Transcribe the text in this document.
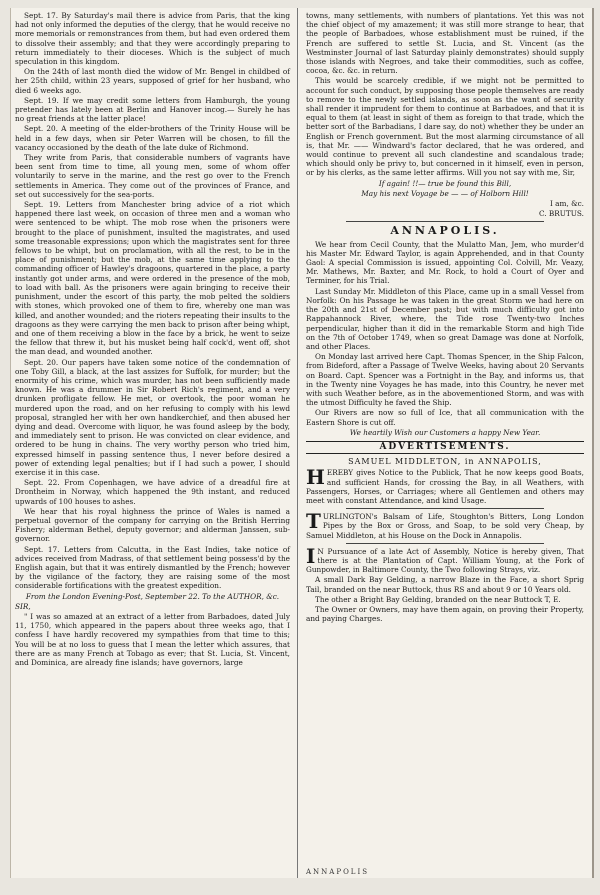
Sept. 17. By Saturday's mail there is advice from Paris, that the king had not only informed the deputies of the clergy, that he would receive no more memorials or remonstrances from them, but had even ordered them to dissolve their assembly; and that they were accordingly preparing to return immediately to their dioceses. Which is the subject of much speculation in this kingdom.

On the 24th of last month died the widow of Mr. Bengel in childbed of her 25th child, within 23 years, supposed of grief for her husband, who died 6 weeks ago.

Sept. 19. If we may credit some letters from Hamburgh, the young pretender has lately been at Berlin and Hanover incog.— Surely he has no great friends at the latter place!

Sept. 20. A meeting of the elder-brothers of the Trinity House will be held in a few days, when sir Peter Warren will be chosen, to fill the vacancy occasioned by the death of the late duke of Richmond.

They write from Paris, that considerable numbers of vagrants have been sent from time to time, all young men, some of whom offer voluntarily to serve in the marine, and the rest go over to the French settlements in America. They come out of the provinces of France, and set out successively for the sea-ports.

Sept. 19. Letters from Manchester bring advice of a riot which happened there last week, on occasion of three men and a woman who were sentenced to be whipt. The mob rose when the prisoners were brought to the place of punishment, insulted the magistrates, and used some treasonable expressions; upon which the magistrates sent for three fellows to be whipt, but on proclamation, with all the rest, to be in the place of punishment; but the mob, at the same time applying to the commanding officer of Hawley's dragoons, quartered in the place, a party instantly got under arms, and were ordered in the presence of the mob, to load with ball. As the prisoners were again bringing to receive their punishment, under the escort of this party, the mob pelted the soldiers with stones, which provoked one of them to fire, whereby one man was killed, and another wounded; and the rioters repeating their insults to the dragoons as they were carrying the men back to prison after being whipt, and one of them receiving a blow in the face by a brick, he went to seize the fellow that threw it, but his musket being half cock'd, went off, shot the man dead, and wounded another.

Sept. 20. Our papers have taken some notice of the condemnation of one Toby Gill, a black, at the last assizes for Suffolk, for murder; but the enormity of his crime, which was murder, has not been sufficiently made known. He was a drummer in Sir Robert Rich's regiment, and a very drunken profligate fellow. He met, or overtook, the poor woman he murdered upon the road, and on her refusing to comply with his lewd proposal, strangled her with her own handkerchief, and then abused her dying and dead. Overcome with liquor, he was found asleep by the body, and immediately sent to prison. He was convicted on clear evidence, and ordered to be hung in chains. The very worthy person who tried him, expressed himself in passing sentence thus, I never before desired a power of extending legal penalties; but if I had such a power, I should exercise it in this case.

Sept. 22. From Copenhagen, we have advice of a dreadful fire at Drontheim in Norway, which happened the 9th instant, and reduced upwards of 100 houses to ashes.

We hear that his royal highness the prince of Wales is named a perpetual governor of the company for carrying on the British Herring Fishery; alderman Bethel, deputy governor; and alderman Janssen, sub-governor.

Sept. 17. Letters from Calcutta, in the East Indies, take notice of advices received from Madrass, of that settlement being possess'd by the English again, but that it was entirely dismantled by the French; however by the vigilance of the factory, they are raising some of the most considerable fortifications with the greatest expedition.

From the London Evening-Post, September 22. To the AUTHOR, &c.

SIR,

" I was so amazed at an extract of a letter from Barbadoes, dated July 11, 1750, which appeared in the papers about three weeks ago, that I confess I have hardly recovered my sympathies from that time to this; You will be at no loss to guess that I mean the letter which assures, that there are as many French at Tobago as ever; that St. Lucia, St. Vincent, and Dominica, are already fine islands; have governors, large

towns, many settlements, with numbers of plantations. Yet this was not the chief object of my amazement; it was still more strange to hear, that the people of Barbadoes, whose establishment must be ruined, if the French are suffered to settle St. Lucia, and St. Vincent (as the Westminster Journal of last Saturday plainly demonstrates) should supply those islands with Negroes, and take their commodities, such as coffee, cocoa, &c. &c. in return.

This would be scarcely credible, if we might not be permitted to account for such conduct, by supposing those people themselves are ready to remove to the newly settled islands, as soon as the want of security shall render it imprudent for them to continue at Barbadoes, and that it is equal to them (at least in sight of them as foreign to that trade, which the better sort of the Barbadians, I dare say, do not) whether they be under an English or French government. But the most alarming circumstance of all is, that Mr. —— Windward's factor declared, that he was ordered, and would continue to prevent all such clandestine and scandalous trade; which should only be privy to, but concerned in it himself, even in person, or by his clerks, as the same letter affirms. Will you not say with me, Sir,

If again! !!— true be found this Bill,

May his next Voyage be — — of Holborn Hill!

I am, &c.

C. BRUTUS.

ANNAPOLIS.

We hear from Cecil County, that the Mulatto Man, Jem, who murder'd his Master Mr. Edward Taylor, is again Apprehended, and in that County Gaol: A special Commission is issued, appointing Col. Colvill, Mr. Veazy, Mr. Mathews, Mr. Baxter, and Mr. Rock, to hold a Court of Oyer and Terminer, for his Trial.

Last Sunday Mr. Middleton of this Place, came up in a small Vessel from Norfolk: On his Passage he was taken in the great Storm we had here on the 20th and 21st of December past; but with much difficulty got into Rappahannock River, where, the Tide rose Twenty-two Inches perpendicular, higher than it did in the remarkable Storm and high Tide on the 7th of October 1749, when so great Damage was done at Norfolk, and other Places.

On Monday last arrived here Capt. Thomas Spencer, in the Ship Falcon, from Bideford, after a Passage of Twelve Weeks, having about 20 Servants on Board. Capt. Spencer was a Fortnight in the Bay, and informs us, that in the Twenty nine Voyages he has made, into this Country, he never met with such Weather before, as in the abovementioned Storm, and was with the utmost Difficulty he faved the Ship.

Our Rivers are now so full of Ice, that all communication with the Eastern Shore is cut off.

We heartily Wish our Customers a happy New Year.

ADVERTISEMENTS.
SAMUEL MIDDLETON, in ANNAPOLIS,

HEREBY gives Notice to the Publick, That he now keeps good Boats, and sufficient Hands, for crossing the Bay, in all Weathers, with Passengers, Horses, or Carriages; where all Gentlemen and others may meet with constant Attendance, and kind Usage.

TURLINGTON's Balsam of Life, Stoughton's Bitters, Long London Pipes by the Box or Gross, and Soap, to be sold very Cheap, by Samuel Middleton, at his House on the Dock in Annapolis.

I N Pursuance of a late Act of Assembly, Notice is hereby given, That there is at the Plantation of Capt. William Young, at the Fork of Gunpowder, in Baltimore County, the Two following Strays, viz.

A small Dark Bay Gelding, a narrow Blaze in the Face, a short Sprig Tail, branded on the near Buttock, thus RS and about 9 or 10 Years old.

The other a Bright Bay Gelding, branded on the near Buttock T, E.

The Owner or Owners, may have them again, on proving their Property, and paying Charges.

ANNAPOLIS
